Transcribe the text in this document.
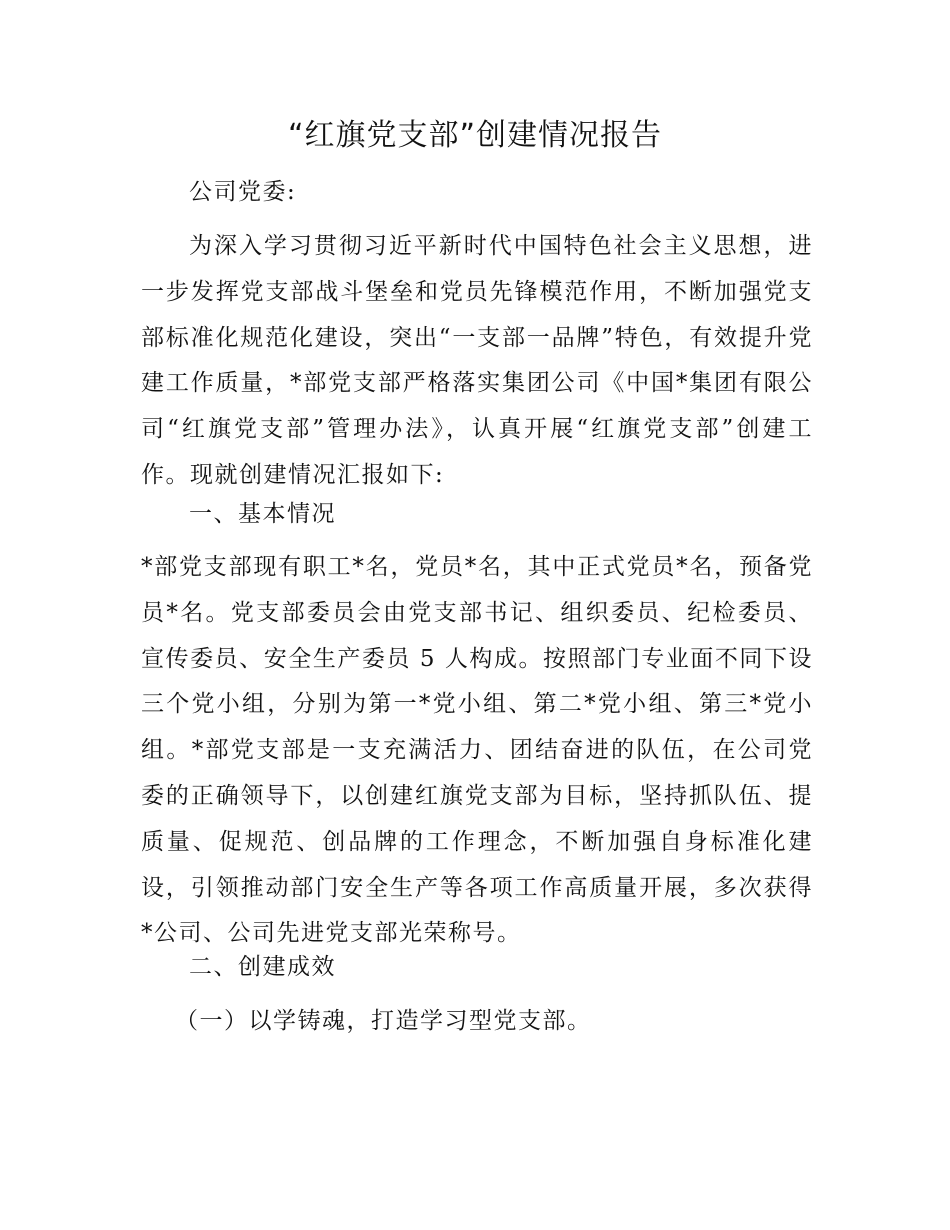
“红旗党支部”创建情况报告

公司党委:

为深入学习贯彻习近平新时代中国特色社会主义思想，进一步发挥党支部战斗堡垒和党员先锋模范作用，不断加强党支部标准化规范化建设，突出“一支部一品牌”特色，有效提升党建工作质量，*部党支部严格落实集团公司《中国*集团有限公司“红旗党支部”管理办法》，认真开展“红旗党支部”创建工作。现就创建情况汇报如下:

一、基本情况

*部党支部现有职工*名，党员*名，其中正式党员*名，预备党员*名。党支部委员会由党支部书记、组织委员、纪检委员、宣传委员、安全生产委员 5 人构成。按照部门专业面不同下设三个党小组，分别为第一*党小组、第二*党小组、第三*党小组。*部党支部是一支充满活力、团结奋进的队伍，在公司党委的正确领导下，以创建红旗党支部为目标，坚持抓队伍、提质量、促规范、创品牌的工作理念，不断加强自身标准化建设，引领推动部门安全生产等各项工作高质量开展，多次获得*公司、公司先进党支部光荣称号。

二、创建成效

（一）以学铸魂，打造学习型党支部。
